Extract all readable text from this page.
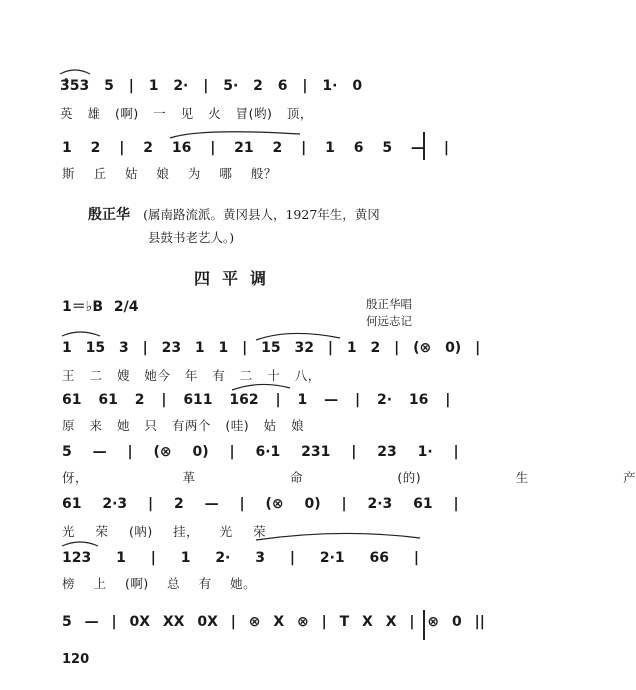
3̂53 5 | 1 2· | 5· 2 6 | 1· 0
英 雄 (啊) 一 见 火 冒(哟) 顶，
1 2 | 2 16 | 21 2 | 1 6 5 — |
斯 丘 姑 娘 为 哪 般？
殷正华 (属南路流派。黄冈县人，1927年生，黄冈
县鼓书老艺人。)
四平调
1＝♭B 2/4	殷正华唱
何远志记
1 15 3 | 23 1 1 | 15 32 | 1 2 | (⊗ 0) |
王 二 嫂 她今 年 有 二 十 八，
61 61 2 | 611 162 | 1 — | 2· 16 |
原 来 她 只 有两个 (哇) 姑 娘
5 — | (⊗ 0) | 6·1 231 | 23 1· |
伢， 革 命 (的) 生 产
61 2·3 | 2 — | (⊗ 0) | 2·3 61 |
光 荣 (呐) 挂， 光 荣
123 1 | 1 2· 3 | 2·1 66 |
榜 上 (啊) 总 有 她。
5 — | 0X XX 0X | ⊗ X ⊗ | T X X | ⊗ 0 ||
120
